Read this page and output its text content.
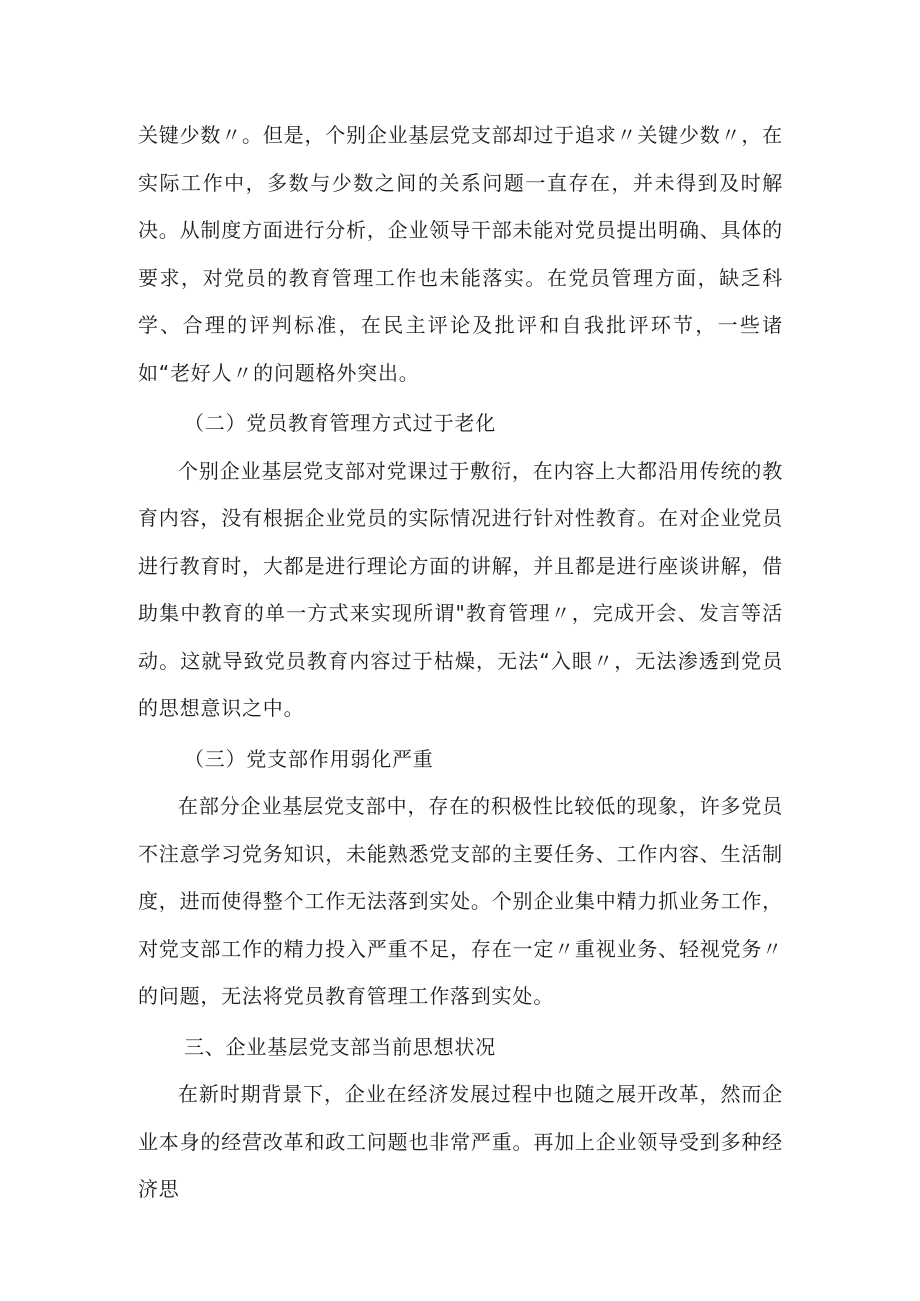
关键少数〃。但是，个别企业基层党支部却过于追求〃关键少数〃，在实际工作中，多数与少数之间的关系问题一直存在，并未得到及时解决。从制度方面进行分析，企业领导干部未能对党员提出明确、具体的要求，对党员的教育管理工作也未能落实。在党员管理方面，缺乏科学、合理的评判标准，在民主评论及批评和自我批评环节，一些诸如“老好人〃的问题格外突出。

（二）党员教育管理方式过于老化

个别企业基层党支部对党课过于敷衍，在内容上大都沿用传统的教育内容，没有根据企业党员的实际情况进行针对性教育。在对企业党员进行教育时，大都是进行理论方面的讲解，并且都是进行座谈讲解，借助集中教育的单一方式来实现所谓"教育管理〃，完成开会、发言等活动。这就导致党员教育内容过于枯燥，无法“入眼〃，无法渗透到党员的思想意识之中。

（三）党支部作用弱化严重

在部分企业基层党支部中，存在的积极性比较低的现象，许多党员不注意学习党务知识，未能熟悉党支部的主要任务、工作内容、生活制度，进而使得整个工作无法落到实处。个别企业集中精力抓业务工作，对党支部工作的精力投入严重不足，存在一定〃重视业务、轻视党务〃的问题，无法将党员教育管理工作落到实处。

三、企业基层党支部当前思想状况

在新时期背景下，企业在经济发展过程中也随之展开改革，然而企业本身的经营改革和政工问题也非常严重。再加上企业领导受到多种经济思
